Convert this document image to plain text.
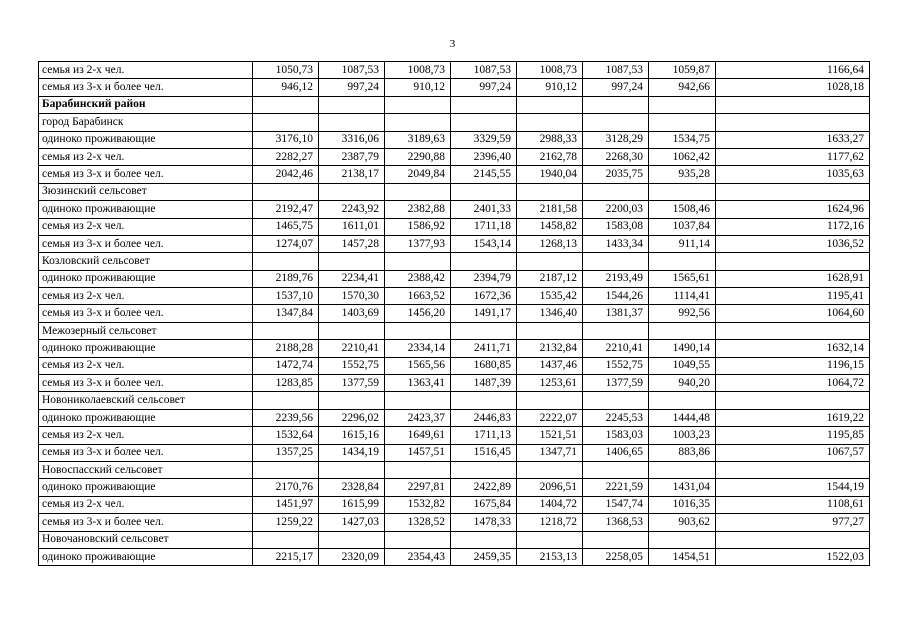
3
семья из 2-х чел.	1050,73	1087,53	1008,73	1087,53	1008,73	1087,53	1059,87	1166,64
семья из 3-х и более чел.	946,12	997,24	910,12	997,24	910,12	997,24	942,66	1028,18
Барабинский район								
город Барабинск								
одиноко проживающие	3176,10	3316,06	3189,63	3329,59	2988,33	3128,29	1534,75	1633,27
семья из 2-х чел.	2282,27	2387,79	2290,88	2396,40	2162,78	2268,30	1062,42	1177,62
семья из 3-х и более чел.	2042,46	2138,17	2049,84	2145,55	1940,04	2035,75	935,28	1035,63
Зюзинский сельсовет								
одиноко проживающие	2192,47	2243,92	2382,88	2401,33	2181,58	2200,03	1508,46	1624,96
семья из 2-х чел.	1465,75	1611,01	1586,92	1711,18	1458,82	1583,08	1037,84	1172,16
семья из 3-х и более чел.	1274,07	1457,28	1377,93	1543,14	1268,13	1433,34	911,14	1036,52
Козловский сельсовет								
одиноко проживающие	2189,76	2234,41	2388,42	2394,79	2187,12	2193,49	1565,61	1628,91
семья из 2-х чел.	1537,10	1570,30	1663,52	1672,36	1535,42	1544,26	1114,41	1195,41
семья из 3-х и более чел.	1347,84	1403,69	1456,20	1491,17	1346,40	1381,37	992,56	1064,60
Межозерный сельсовет								
одиноко проживающие	2188,28	2210,41	2334,14	2411,71	2132,84	2210,41	1490,14	1632,14
семья из 2-х чел.	1472,74	1552,75	1565,56	1680,85	1437,46	1552,75	1049,55	1196,15
семья из 3-х и более чел.	1283,85	1377,59	1363,41	1487,39	1253,61	1377,59	940,20	1064,72
Новониколаевский сельсовет								
одиноко проживающие	2239,56	2296,02	2423,37	2446,83	2222,07	2245,53	1444,48	1619,22
семья из 2-х чел.	1532,64	1615,16	1649,61	1711,13	1521,51	1583,03	1003,23	1195,85
семья из 3-х и более чел.	1357,25	1434,19	1457,51	1516,45	1347,71	1406,65	883,86	1067,57
Новоспасский сельсовет								
одиноко проживающие	2170,76	2328,84	2297,81	2422,89	2096,51	2221,59	1431,04	1544,19
семья из 2-х чел.	1451,97	1615,99	1532,82	1675,84	1404,72	1547,74	1016,35	1108,61
семья из 3-х и более чел.	1259,22	1427,03	1328,52	1478,33	1218,72	1368,53	903,62	977,27
Новочановский сельсовет								
одиноко проживающие	2215,17	2320,09	2354,43	2459,35	2153,13	2258,05	1454,51	1522,03
